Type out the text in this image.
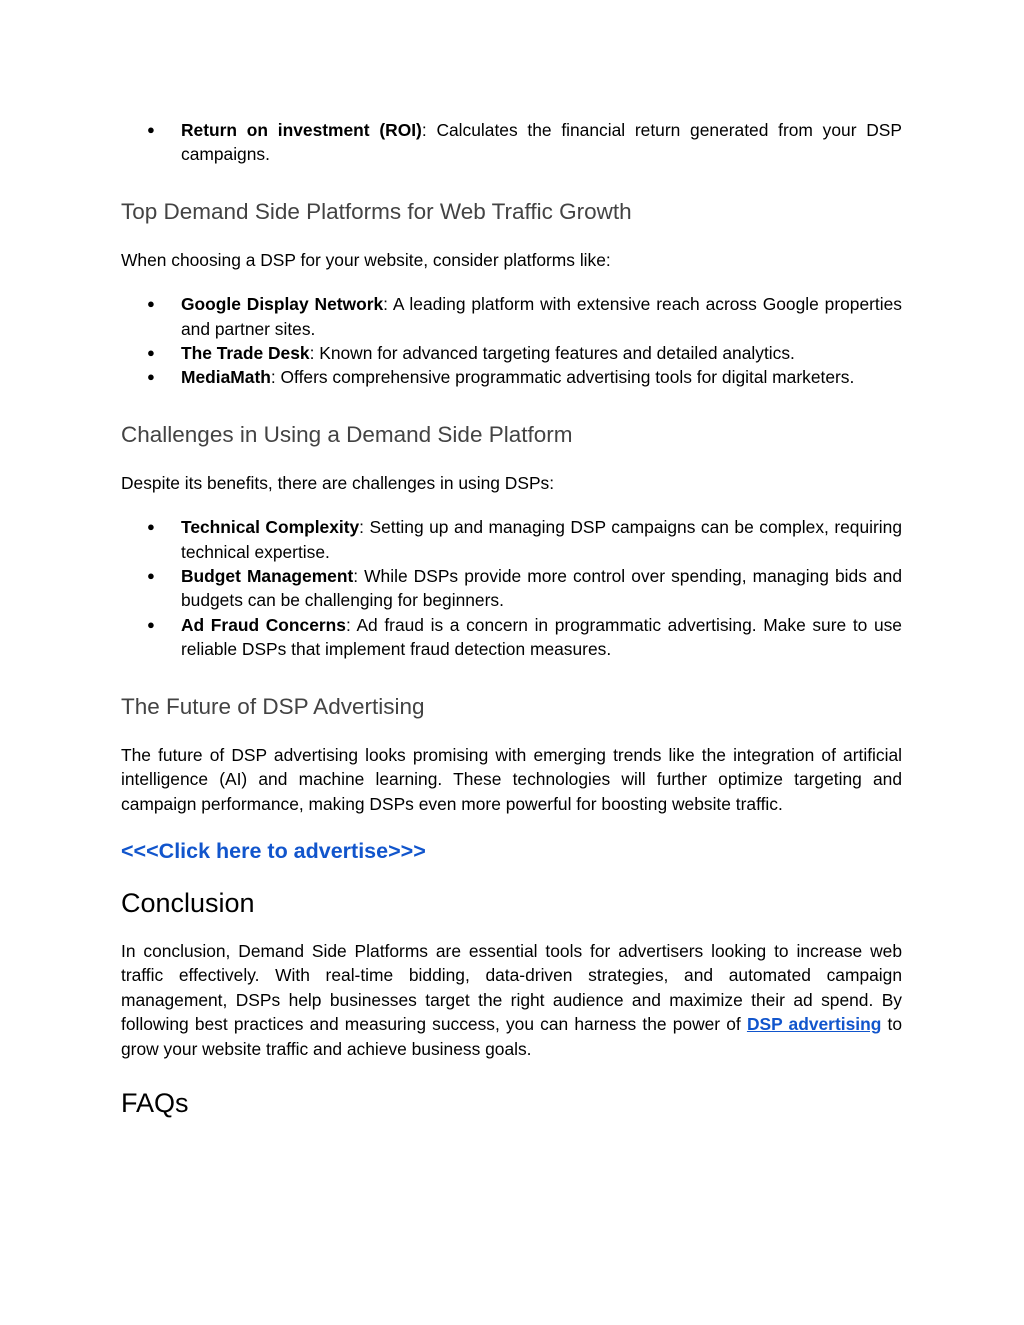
● Return on investment (ROI): Calculates the financial return generated from your DSP campaigns.
Top Demand Side Platforms for Web Traffic Growth

When choosing a DSP for your website, consider platforms like:

● Google Display Network: A leading platform with extensive reach across Google properties and partner sites.
● The Trade Desk: Known for advanced targeting features and detailed analytics.
● MediaMath: Offers comprehensive programmatic advertising tools for digital marketers.
Challenges in Using a Demand Side Platform

Despite its benefits, there are challenges in using DSPs:

● Technical Complexity: Setting up and managing DSP campaigns can be complex, requiring technical expertise.
● Budget Management: While DSPs provide more control over spending, managing bids and budgets can be challenging for beginners.
● Ad Fraud Concerns: Ad fraud is a concern in programmatic advertising. Make sure to use reliable DSPs that implement fraud detection measures.
The Future of DSP Advertising

The future of DSP advertising looks promising with emerging trends like the integration of artificial intelligence (AI) and machine learning. These technologies will further optimize targeting and campaign performance, making DSPs even more powerful for boosting website traffic.

<<<Click here to advertise>>>

Conclusion

In conclusion, Demand Side Platforms are essential tools for advertisers looking to increase web traffic effectively. With real-time bidding, data-driven strategies, and automated campaign management, DSPs help businesses target the right audience and maximize their ad spend. By following best practices and measuring success, you can harness the power of DSP advertising to grow your website traffic and achieve business goals.

FAQs
